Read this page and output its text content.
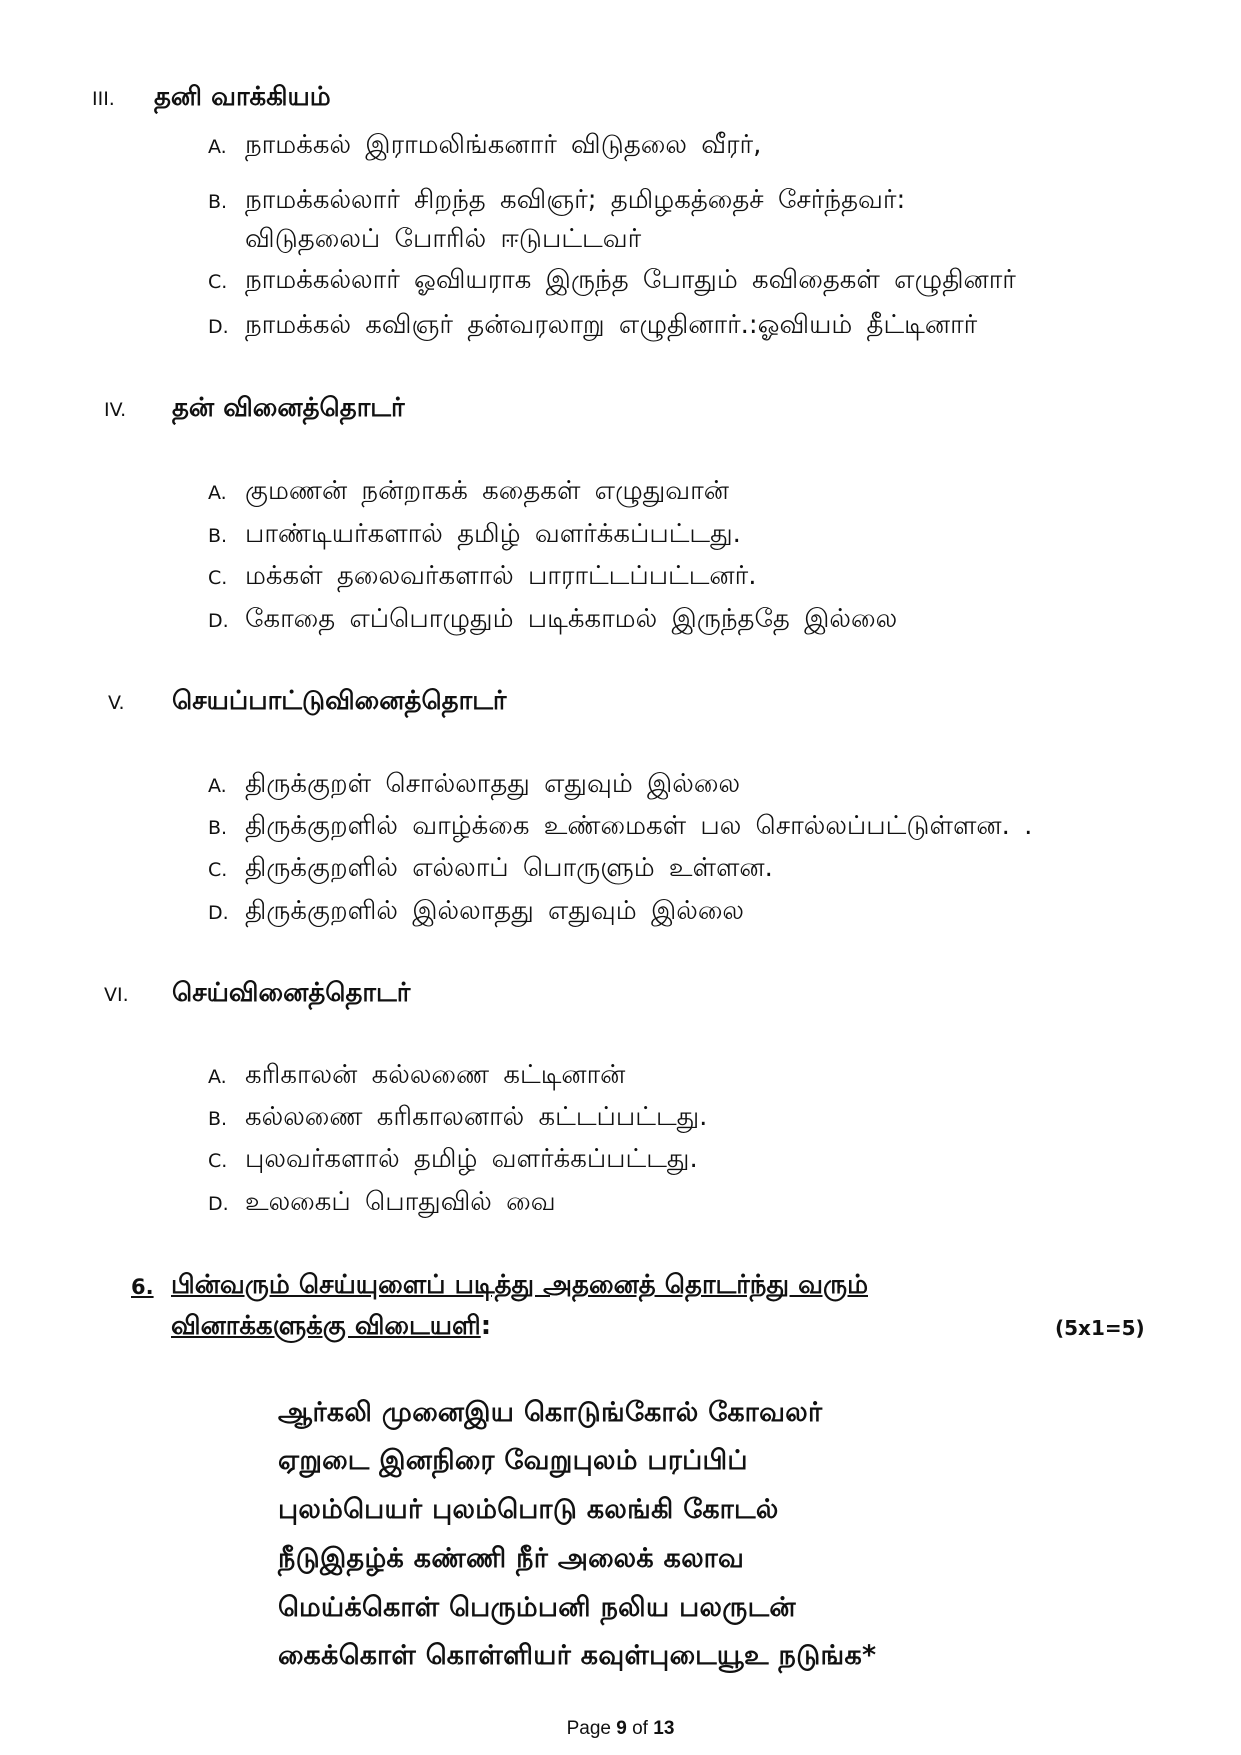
III.	தனி வாக்கியம்
A. நாமக்கல் இராமலிங்கனார் விடுதலை வீரர்,
B. நாமக்கல்லார் சிறந்த கவிஞர்; தமிழகத்தைச் சேர்ந்தவர்:
விடுதலைப் போரில் ஈடுபட்டவர்
C. நாமக்கல்லார் ஓவியராக இருந்த போதும் கவிதைகள் எழுதினார்
D. நாமக்கல் கவிஞர் தன்வரலாறு எழுதினார்.:ஓவியம் தீட்டினார்
IV.	தன் வினைத்தொடர்
A. குமணன் நன்றாகக் கதைகள் எழுதுவான்
B. பாண்டியர்களால் தமிழ் வளர்க்கப்பட்டது.
C. மக்கள் தலைவர்களால் பாராட்டப்பட்டனர்.
D. கோதை எப்பொழுதும் படிக்காமல் இருந்ததே இல்லை
V.	செயப்பாட்டுவினைத்தொடர்
A. திருக்குறள் சொல்லாதது எதுவும் இல்லை
B. திருக்குறளில் வாழ்க்கை உண்மைகள் பல சொல்லப்பட்டுள்ளன. .
C. திருக்குறளில் எல்லாப் பொருளும் உள்ளன.
D. திருக்குறளில் இல்லாதது எதுவும் இல்லை
VI.	செய்வினைத்தொடர்
A. கரிகாலன் கல்லணை கட்டினான்
B. கல்லணை கரிகாலனால் கட்டப்பட்டது.
C. புலவர்களால் தமிழ் வளர்க்கப்பட்டது.
D. உலகைப் பொதுவில் வை
6. பின்வரும் செய்யுளைப் படித்து அதனைத் தொடர்ந்து வரும்
வினாக்களுக்கு விடையளி:	(5x1=5)
ஆர்கலி முனைஇய கொடுங்கோல் கோவலர்
ஏறுடை இனநிரை வேறுபுலம் பரப்பிப்
புலம்பெயர் புலம்பொடு கலங்கி கோடல்
நீடுஇதழ்க் கண்ணி நீர் அலைக் கலாவ
மெய்க்கொள் பெரும்பனி நலிய பலருடன்
கைக்கொள் கொள்ளியர் கவுள்புடையூஉ நடுங்க*
Page 9 of 13
